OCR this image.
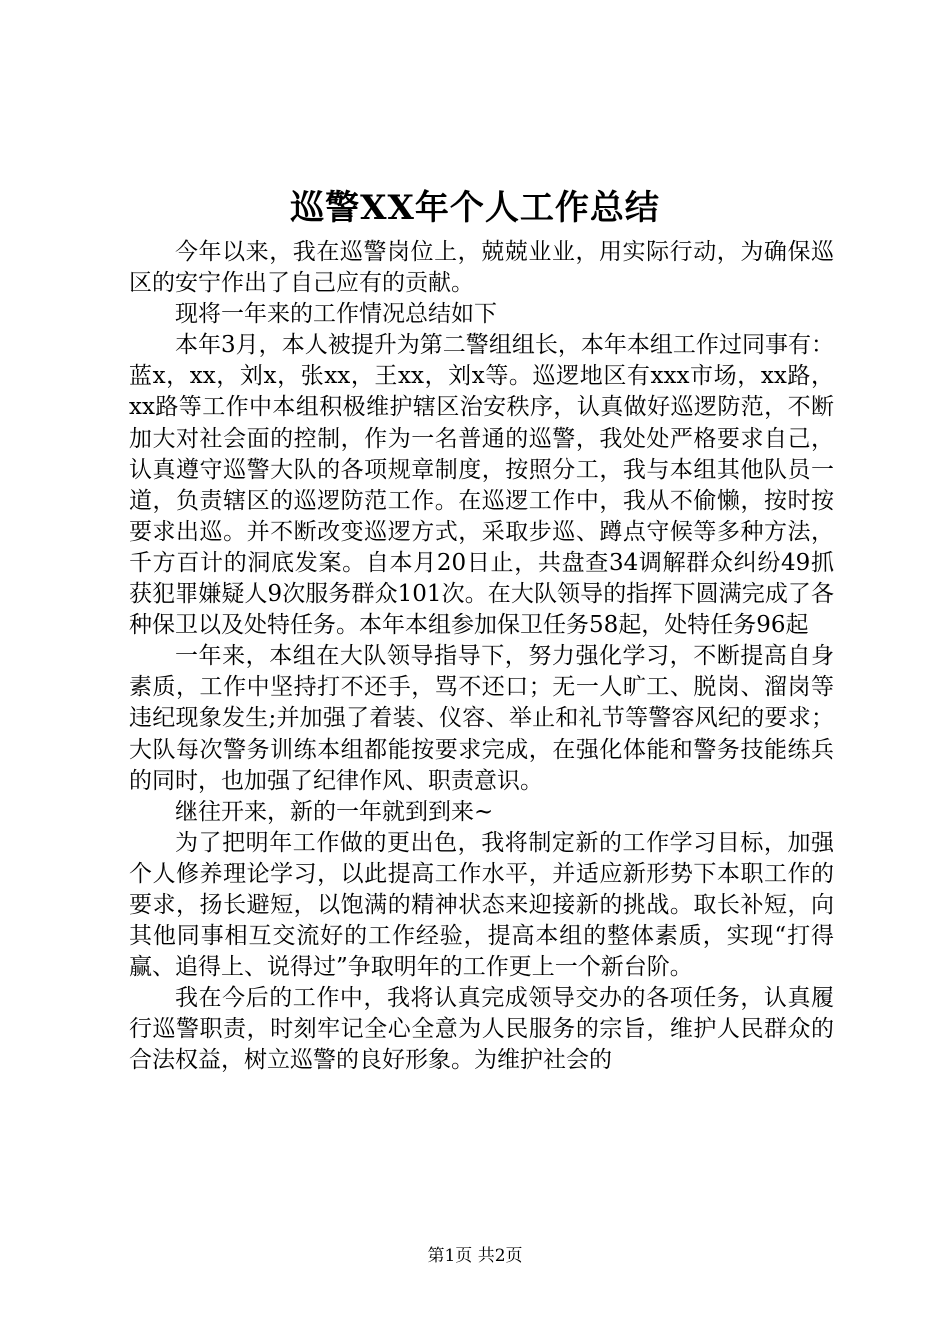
巡警XX年个人工作总结

今年以来，我在巡警岗位上，兢兢业业，用实际行动，为确保巡区的安宁作出了自己应有的贡献。

现将一年来的工作情况总结如下

本年3月，本人被提升为第二警组组长，本年本组工作过同事有：蓝x，xx，刘x，张xx，王xx，刘x等。巡逻地区有xxx市场，xx路，xx路等工作中本组积极维护辖区治安秩序，认真做好巡逻防范，不断加大对社会面的控制，作为一名普通的巡警，我处处严格要求自己，认真遵守巡警大队的各项规章制度，按照分工，我与本组其他队员一道，负责辖区的巡逻防范工作。在巡逻工作中，我从不偷懒，按时按要求出巡。并不断改变巡逻方式，采取步巡、蹲点守候等多种方法，千方百计的洞底发案。自本月20日止，共盘查34调解群众纠纷49抓获犯罪嫌疑人9次服务群众101次。在大队领导的指挥下圆满完成了各种保卫以及处特任务。本年本组参加保卫任务58起，处特任务96起

一年来，本组在大队领导指导下，努力强化学习，不断提高自身素质，工作中坚持打不还手，骂不还口；无一人旷工、脱岗、溜岗等违纪现象发生;并加强了着装、仪容、举止和礼节等警容风纪的要求；大队每次警务训练本组都能按要求完成，在强化体能和警务技能练兵的同时，也加强了纪律作风、职责意识。

继往开来，新的一年就到到来~

为了把明年工作做的更出色，我将制定新的工作学习目标，加强个人修养理论学习，以此提高工作水平，并适应新形势下本职工作的要求，扬长避短，以饱满的精神状态来迎接新的挑战。取长补短，向其他同事相互交流好的工作经验，提高本组的整体素质，实现“打得赢、追得上、说得过”争取明年的工作更上一个新台阶。

我在今后的工作中，我将认真完成领导交办的各项任务，认真履行巡警职责，时刻牢记全心全意为人民服务的宗旨，维护人民群众的合法权益，树立巡警的良好形象。为维护社会的

第1页 共2页
